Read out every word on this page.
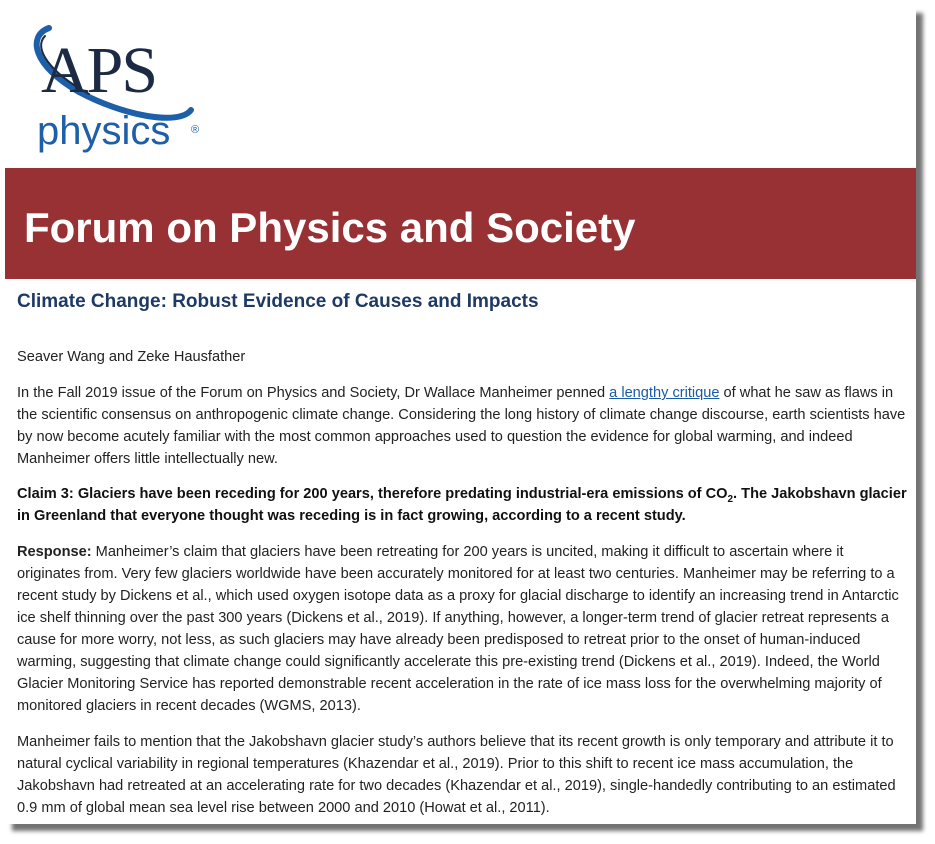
APS
physics ®
Forum on Physics and Society
Climate Change: Robust Evidence of Causes and Impacts
Seaver Wang and Zeke Hausfather

In the Fall 2019 issue of the Forum on Physics and Society, Dr Wallace Manheimer penned a lengthy critique of what he saw as flaws in the scientific consensus on anthropogenic climate change. Considering the long history of climate change discourse, earth scientists have by now become acutely familiar with the most common approaches used to question the evidence for global warming, and indeed Manheimer offers little intellectually new.

Claim 3: Glaciers have been receding for 200 years, therefore predating industrial-era emissions of $CO_2$. The Jakobshavn glacier in Greenland that everyone thought was receding is in fact growing, according to a recent study.

Response: Manheimer’s claim that glaciers have been retreating for 200 years is uncited, making it difficult to ascertain where it originates from. Very few glaciers worldwide have been accurately monitored for at least two centuries. Manheimer may be referring to a recent study by Dickens et al., which used oxygen isotope data as a proxy for glacial discharge to identify an increasing trend in Antarctic ice shelf thinning over the past 300 years (Dickens et al., 2019). If anything, however, a longer-term trend of glacier retreat represents a cause for more worry, not less, as such glaciers may have already been predisposed to retreat prior to the onset of human-induced warming, suggesting that climate change could significantly accelerate this pre-existing trend (Dickens et al., 2019). Indeed, the World Glacier Monitoring Service has reported demonstrable recent acceleration in the rate of ice mass loss for the overwhelming majority of monitored glaciers in recent decades (WGMS, 2013).

Manheimer fails to mention that the Jakobshavn glacier study’s authors believe that its recent growth is only temporary and attribute it to natural cyclical variability in regional temperatures (Khazendar et al., 2019). Prior to this shift to recent ice mass accumulation, the Jakobshavn had retreated at an accelerating rate for two decades (Khazendar et al., 2019), single-handedly contributing to an estimated 0.9 mm of global mean sea level rise between 2000 and 2010 (Howat et al., 2011).
